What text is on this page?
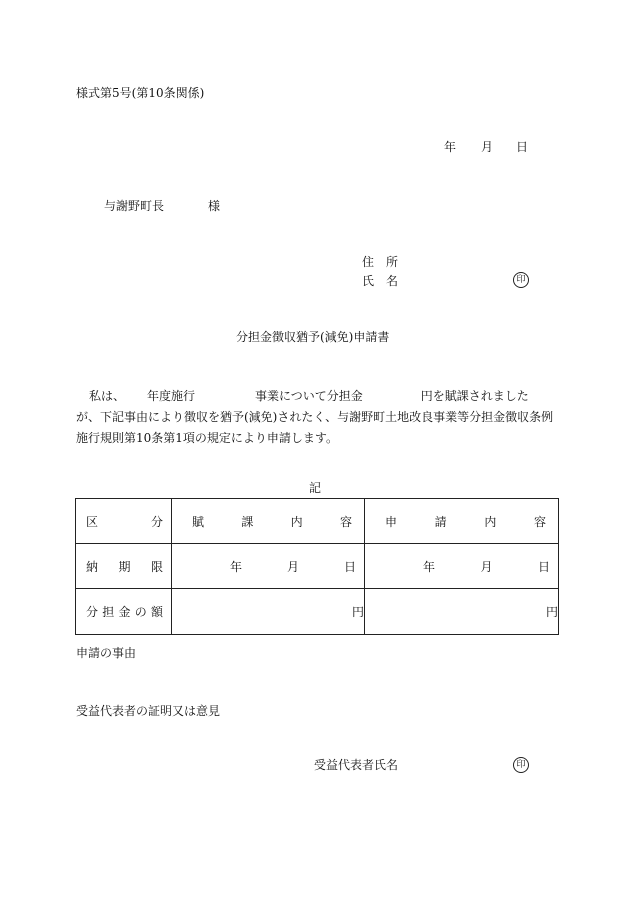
様式第5号(第10条関係)
年 月 日
与謝野町長	様
住 所
氏 名	印
分担金徴収猶予(減免)申請書
私は、 年度施行	事業について分担金	円を賦課されました
が、下記事由により徴収を猶予(減免)されたく、与謝野町土地改良事業等分担金徴収条例
施行規則第10条第1項の規定により申請します。
記
区 分	賦 課 内 容	申 請 内 容

納 期 限	年 月 日	年 月 日

分 担 金 の 額	円	円
申請の事由
受益代表者の証明又は意見
受益代表者氏名	印
